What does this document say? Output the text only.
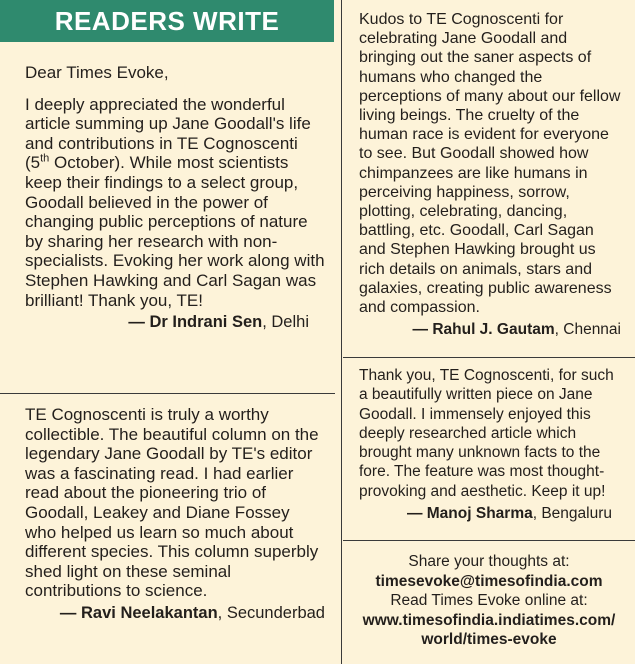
READERS WRITE

Dear Times Evoke,

I deeply appreciated the wonderful article summing up Jane Goodall's life and contributions in TE Cognoscenti (5th October). While most scientists keep their findings to a select group, Goodall believed in the power of changing public perceptions of nature by sharing her research with non-specialists. Evoking her work along with Stephen Hawking and Carl Sagan was brilliant! Thank you, TE!

— Dr Indrani Sen, Delhi

TE Cognoscenti is truly a worthy collectible. The beautiful column on the legendary Jane Goodall by TE's editor was a fascinating read. I had earlier read about the pioneering trio of Goodall, Leakey and Diane Fossey who helped us learn so much about different species. This column superbly shed light on these seminal contributions to science.

— Ravi Neelakantan, Secunderbad

Kudos to TE Cognoscenti for celebrating Jane Goodall and bringing out the saner aspects of humans who changed the perceptions of many about our fellow living beings. The cruelty of the human race is evident for everyone to see. But Goodall showed how chimpanzees are like humans in perceiving happiness, sorrow, plotting, celebrating, dancing, battling, etc. Goodall, Carl Sagan and Stephen Hawking brought us rich details on animals, stars and galaxies, creating public awareness and compassion.

— Rahul J. Gautam, Chennai

Thank you, TE Cognoscenti, for such a beautifully written piece on Jane Goodall. I immensely enjoyed this deeply researched article which brought many unknown facts to the fore. The feature was most thought-provoking and aesthetic. Keep it up!

— Manoj Sharma, Bengaluru

Share your thoughts at:

timesevoke@timesofindia.com

Read Times Evoke online at:

www.timesofindia.indiatimes.com/

world/times-evoke
